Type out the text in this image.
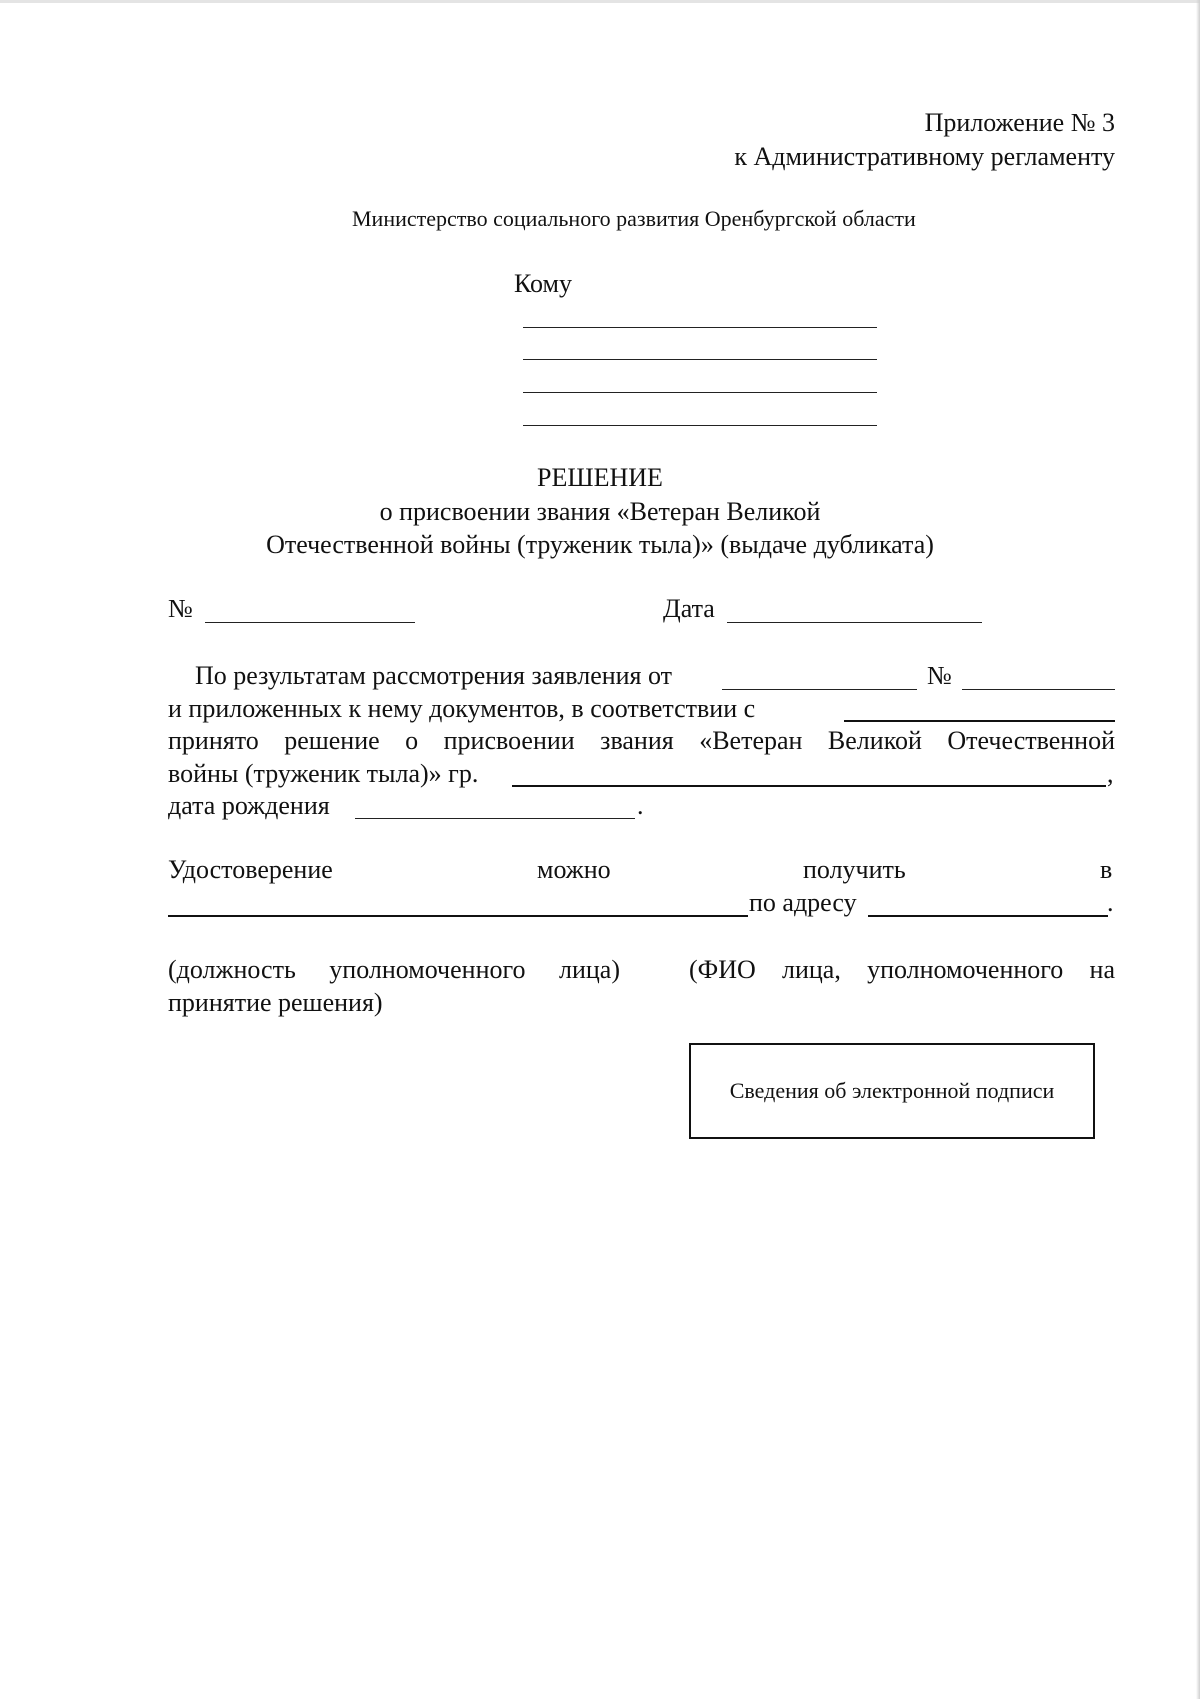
Приложение № 3
к Административному регламенту
Министерство социального развития Оренбургской области
Кому
РЕШЕНИЕ
о присвоении звания «Ветеран Великой
Отечественной войны (труженик тыла)» (выдаче дубликата)
№	Дата
По результатам рассмотрения заявления от	№
и приложенных к нему документов, в соответствии с
принято решение о присвоении звания «Ветеран Великой Отечественной
войны (труженик тыла)» гр.	,
дата рождения	.
Удостоверение	можно	получить	в
по адресу	.
(должность уполномоченного лица)
принятие решения)
(ФИО лица, уполномоченного на
Сведения об электронной подписи
